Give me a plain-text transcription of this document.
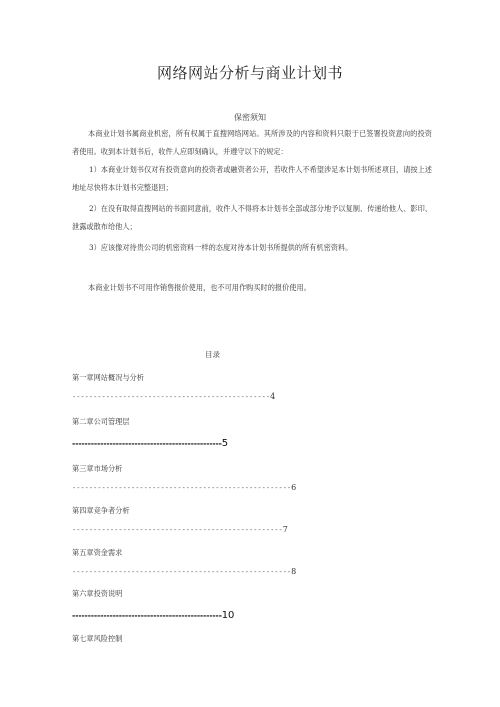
网络网站分析与商业计划书
保密须知
本商业计划书属商业机密，所有权属于直搜网络网站。其所涉及的内容和资料只限于已签署投资意向的投资者使用。收到本计划书后，收件人应即刻确认，并遵守以下的规定：
1）本商业计划书仅对有投资意向的投资者或融资者公开，若收件人不希望涉足本计划书所述项目，请按上述地址尽快将本计划书完整退回；
2）在没有取得直搜网站的书面同意前，收件人不得将本计划书全部或部分地予以复制、传递给他人、影印、泄露或散布给他人；
3）应该像对待贵公司的机密资料一样的态度对待本计划书所提供的所有机密资料。
本商业计划书不可用作销售报价使用，也不可用作购买时的报价使用。
目录
第一章网站概况与分析
-----------------------------------------------4
第二章公司管理层
------------------------------------------------5
第三章市场分析
----------------------------------------------------6
第四章竞争者分析
--------------------------------------------------7
第五章资金需求
----------------------------------------------------8
第六章投资说明
------------------------------------------------10
第七章风险控制
